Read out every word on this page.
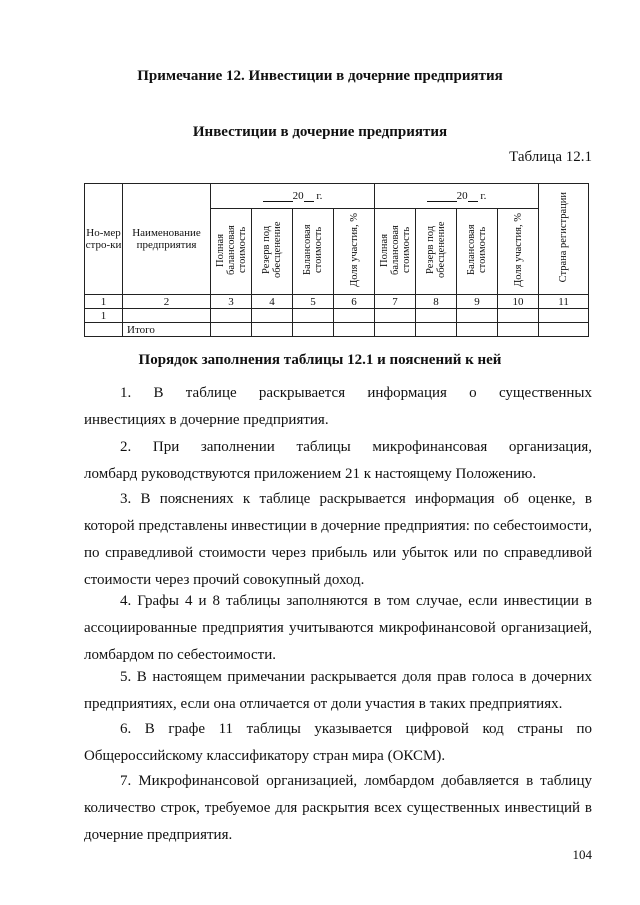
Примечание 12. Инвестиции в дочерние предприятия

Инвестиции в дочерние предприятия

Таблица 12.1

Но-мер стро-ки	Наименование предприятия	20 г.				20 г.				Страна регистрации
		Полная балансовая стоимость	Резерв под обесценение	Балансовая стоимость	Доля участия, %	Полная балансовая стоимость	Резерв под обесценение	Балансовая стоимость	Доля участия, %	
1	2	3	4	5	6	7	8	9	10	11
1										
	Итого									

Порядок заполнения таблицы 12.1 и пояснений к ней

1. В таблице раскрывается информация о существенных
инвестициях в дочерние предприятия.

2. При заполнении таблицы микрофинансовая организация,
ломбард руководствуются приложением 21 к настоящему Положению.

3. В пояснениях к таблице раскрывается информация об оценке, в
которой представлены инвестиции в дочерние предприятия: по себестоимости, по справедливой стоимости через прибыль или убыток или по справедливой стоимости через прочий совокупный доход.

4. Графы 4 и 8 таблицы заполняются в том случае, если инвестиции в
ассоциированные предприятия учитываются микрофинансовой организацией, ломбардом по себестоимости.

5. В настоящем примечании раскрывается доля прав голоса в дочерних
предприятиях, если она отличается от доли участия в таких предприятиях.

6. В графе 11 таблицы указывается цифровой код страны по
Общероссийскому классификатору стран мира (ОКСМ).

7. Микрофинансовой организацией, ломбардом добавляется в таблицу
количество строк, требуемое для раскрытия всех существенных инвестиций в дочерние предприятия.

104
